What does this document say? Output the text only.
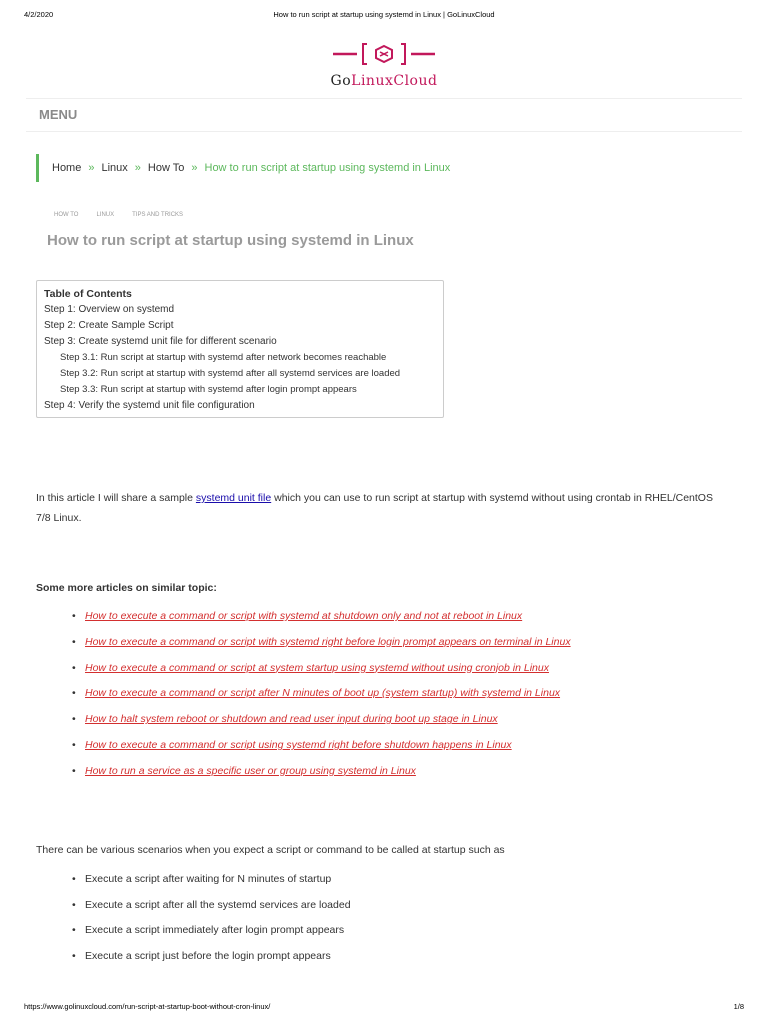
4/2/2020	How to run script at startup using systemd in Linux | GoLinuxCloud
GoLinuxCloud
MENU
Home » Linux » How To » How to run script at startup using systemd in Linux
HOW TO	LINUX	TIPS AND TRICKS
How to run script at startup using systemd in Linux
Table of Contents
Step 1: Overview on systemd
Step 2: Create Sample Script
Step 3: Create systemd unit file for different scenario
Step 3.1: Run script at startup with systemd after network becomes reachable
Step 3.2: Run script at startup with systemd after all systemd services are loaded
Step 3.3: Run script at startup with systemd after login prompt appears
Step 4: Verify the systemd unit file configuration

In this article I will share a sample systemd unit file which you can use to run script at startup with systemd without using crontab in RHEL/CentOS 7/8 Linux.

Some more articles on similar topic:

• How to execute a command or script with systemd at shutdown only and not at reboot in Linux
• How to execute a command or script with systemd right before login prompt appears on terminal in Linux
• How to execute a command or script at system startup using systemd without using cronjob in Linux
• How to execute a command or script after N minutes of boot up (system startup) with systemd in Linux
• How to halt system reboot or shutdown and read user input during boot up stage in Linux
• How to execute a command or script using systemd right before shutdown happens in Linux
• How to run a service as a specific user or group using systemd in Linux

There can be various scenarios when you expect a script or command to be called at startup such as

• Execute a script after waiting for N minutes of startup
• Execute a script after all the systemd services are loaded
• Execute a script immediately after login prompt appears
• Execute a script just before the login prompt appears
https://www.golinuxcloud.com/run-script-at-startup-boot-without-cron-linux/	1/8
